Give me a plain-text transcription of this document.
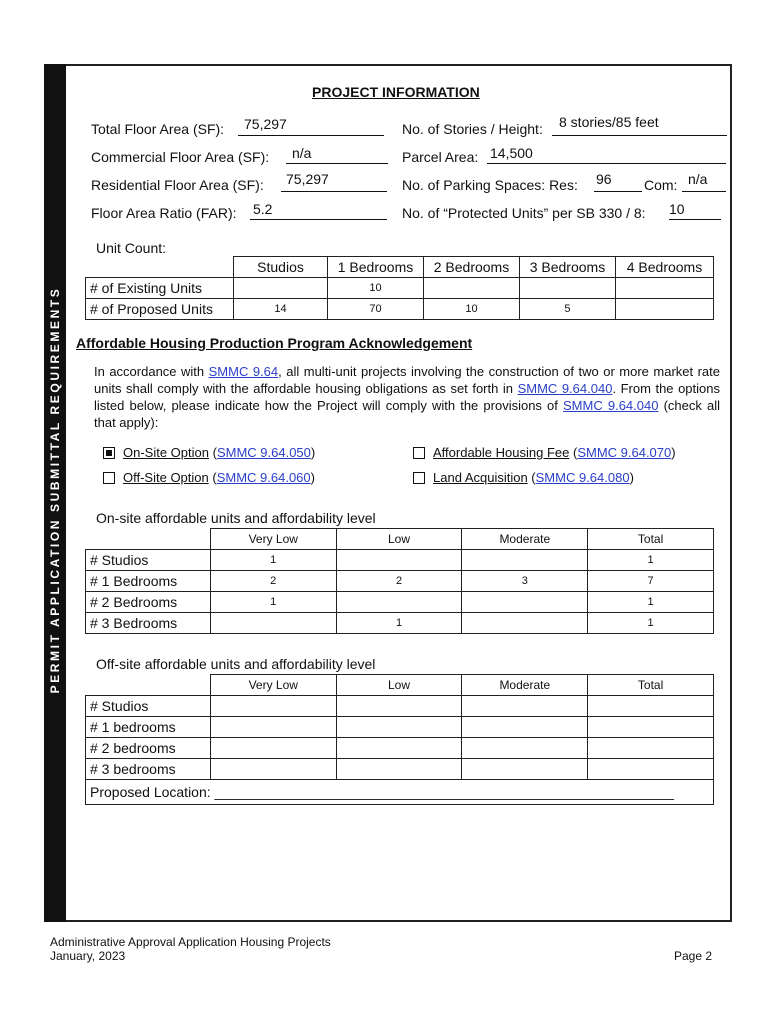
PERMIT APPLICATION SUBMITTAL REQUIREMENTS
PROJECT INFORMATION
Total Floor Area (SF): 75,297
Commercial Floor Area (SF): n/a
Residential Floor Area (SF): 75,297
Floor Area Ratio (FAR): 5.2
No. of Stories / Height: 8 stories/85 feet
Parcel Area: 14,500
No. of Parking Spaces: Res: 96 Com: n/a
No. of “Protected Units” per SB 330 / 8: 10
Unit Count:
	Studios	1 Bedrooms	2 Bedrooms	3 Bedrooms	4 Bedrooms
# of Existing Units		10			
# of Proposed Units	14	70	10	5	
Affordable Housing Production Program Acknowledgement
In accordance with SMMC 9.64, all multi-unit projects involving the construction of two or more market rate units shall comply with the affordable housing obligations as set forth in SMMC 9.64.040. From the options listed below, please indicate how the Project will comply with the provisions of SMMC 9.64.040 (check all that apply):
On-Site Option (SMMC 9.64.050)
Off-Site Option (SMMC 9.64.060)
Affordable Housing Fee (SMMC 9.64.070)
Land Acquisition (SMMC 9.64.080)
On-site affordable units and affordability level
	Very Low	Low	Moderate	Total
# Studios	1			1
# 1 Bedrooms	2	2	3	7
# 2 Bedrooms	1			1
# 3 Bedrooms		1		1
Off-site affordable units and affordability level
	Very Low	Low	Moderate	Total
# Studios				
# 1 bedrooms				
# 2 bedrooms				
# 3 bedrooms				
Proposed Location: ___________________________________________________________				
Administrative Approval Application Housing Projects
January, 2023	Page 2
